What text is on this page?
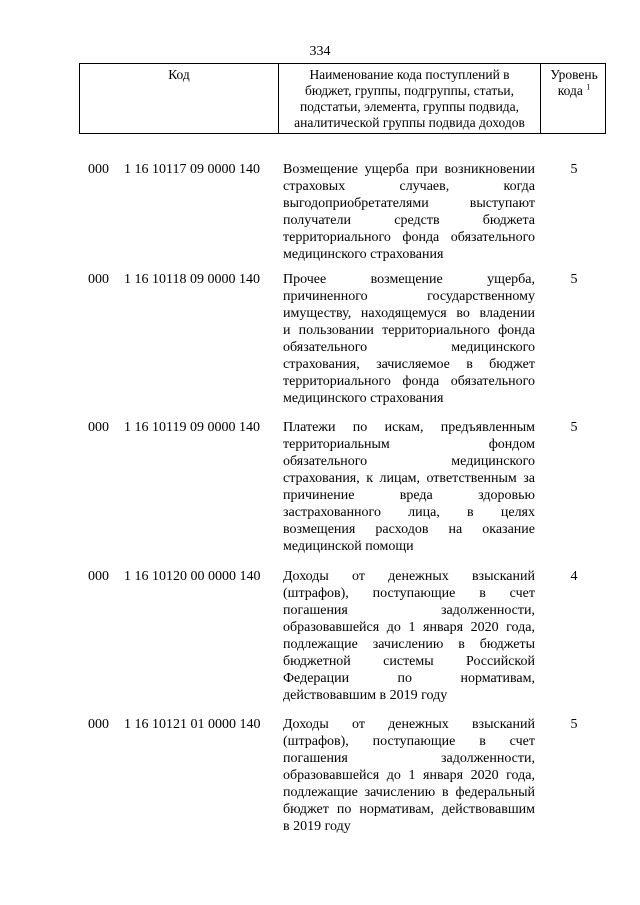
334
Код	Наименование кода поступлений в
бюджет, группы, подгруппы, статьи,
подстатьи, элемента, группы подвида,
аналитической группы подвида доходов
Уровень
кода $^1$
000	1 16 10117 09 0000 140	Возмещение ущерба при возникновении
страховых случаев, когда
выгодоприобретателями выступают
получатели средств бюджета
территориального фонда обязательного
медицинского страхования
5
000	1 16 10118 09 0000 140	Прочее возмещение ущерба,
причиненного государственному
имуществу, находящемуся во владении
и пользовании территориального фонда
обязательного медицинского
страхования, зачисляемое в бюджет
территориального фонда обязательного
медицинского страхования
5
000	1 16 10119 09 0000 140	Платежи по искам, предъявленным
территориальным фондом
обязательного медицинского
страхования, к лицам, ответственным за
причинение вреда здоровью
застрахованного лица, в целях
возмещения расходов на оказание
медицинской помощи
5
000	1 16 10120 00 0000 140	Доходы от денежных взысканий
(штрафов), поступающие в счет
погашения задолженности,
образовавшейся до 1 января 2020 года,
подлежащие зачислению в бюджеты
бюджетной системы Российской
Федерации по нормативам,
действовавшим в 2019 году
4
000	1 16 10121 01 0000 140	Доходы от денежных взысканий
(штрафов), поступающие в счет
погашения задолженности,
образовавшейся до 1 января 2020 года,
подлежащие зачислению в федеральный
бюджет по нормативам, действовавшим
в 2019 году
5
